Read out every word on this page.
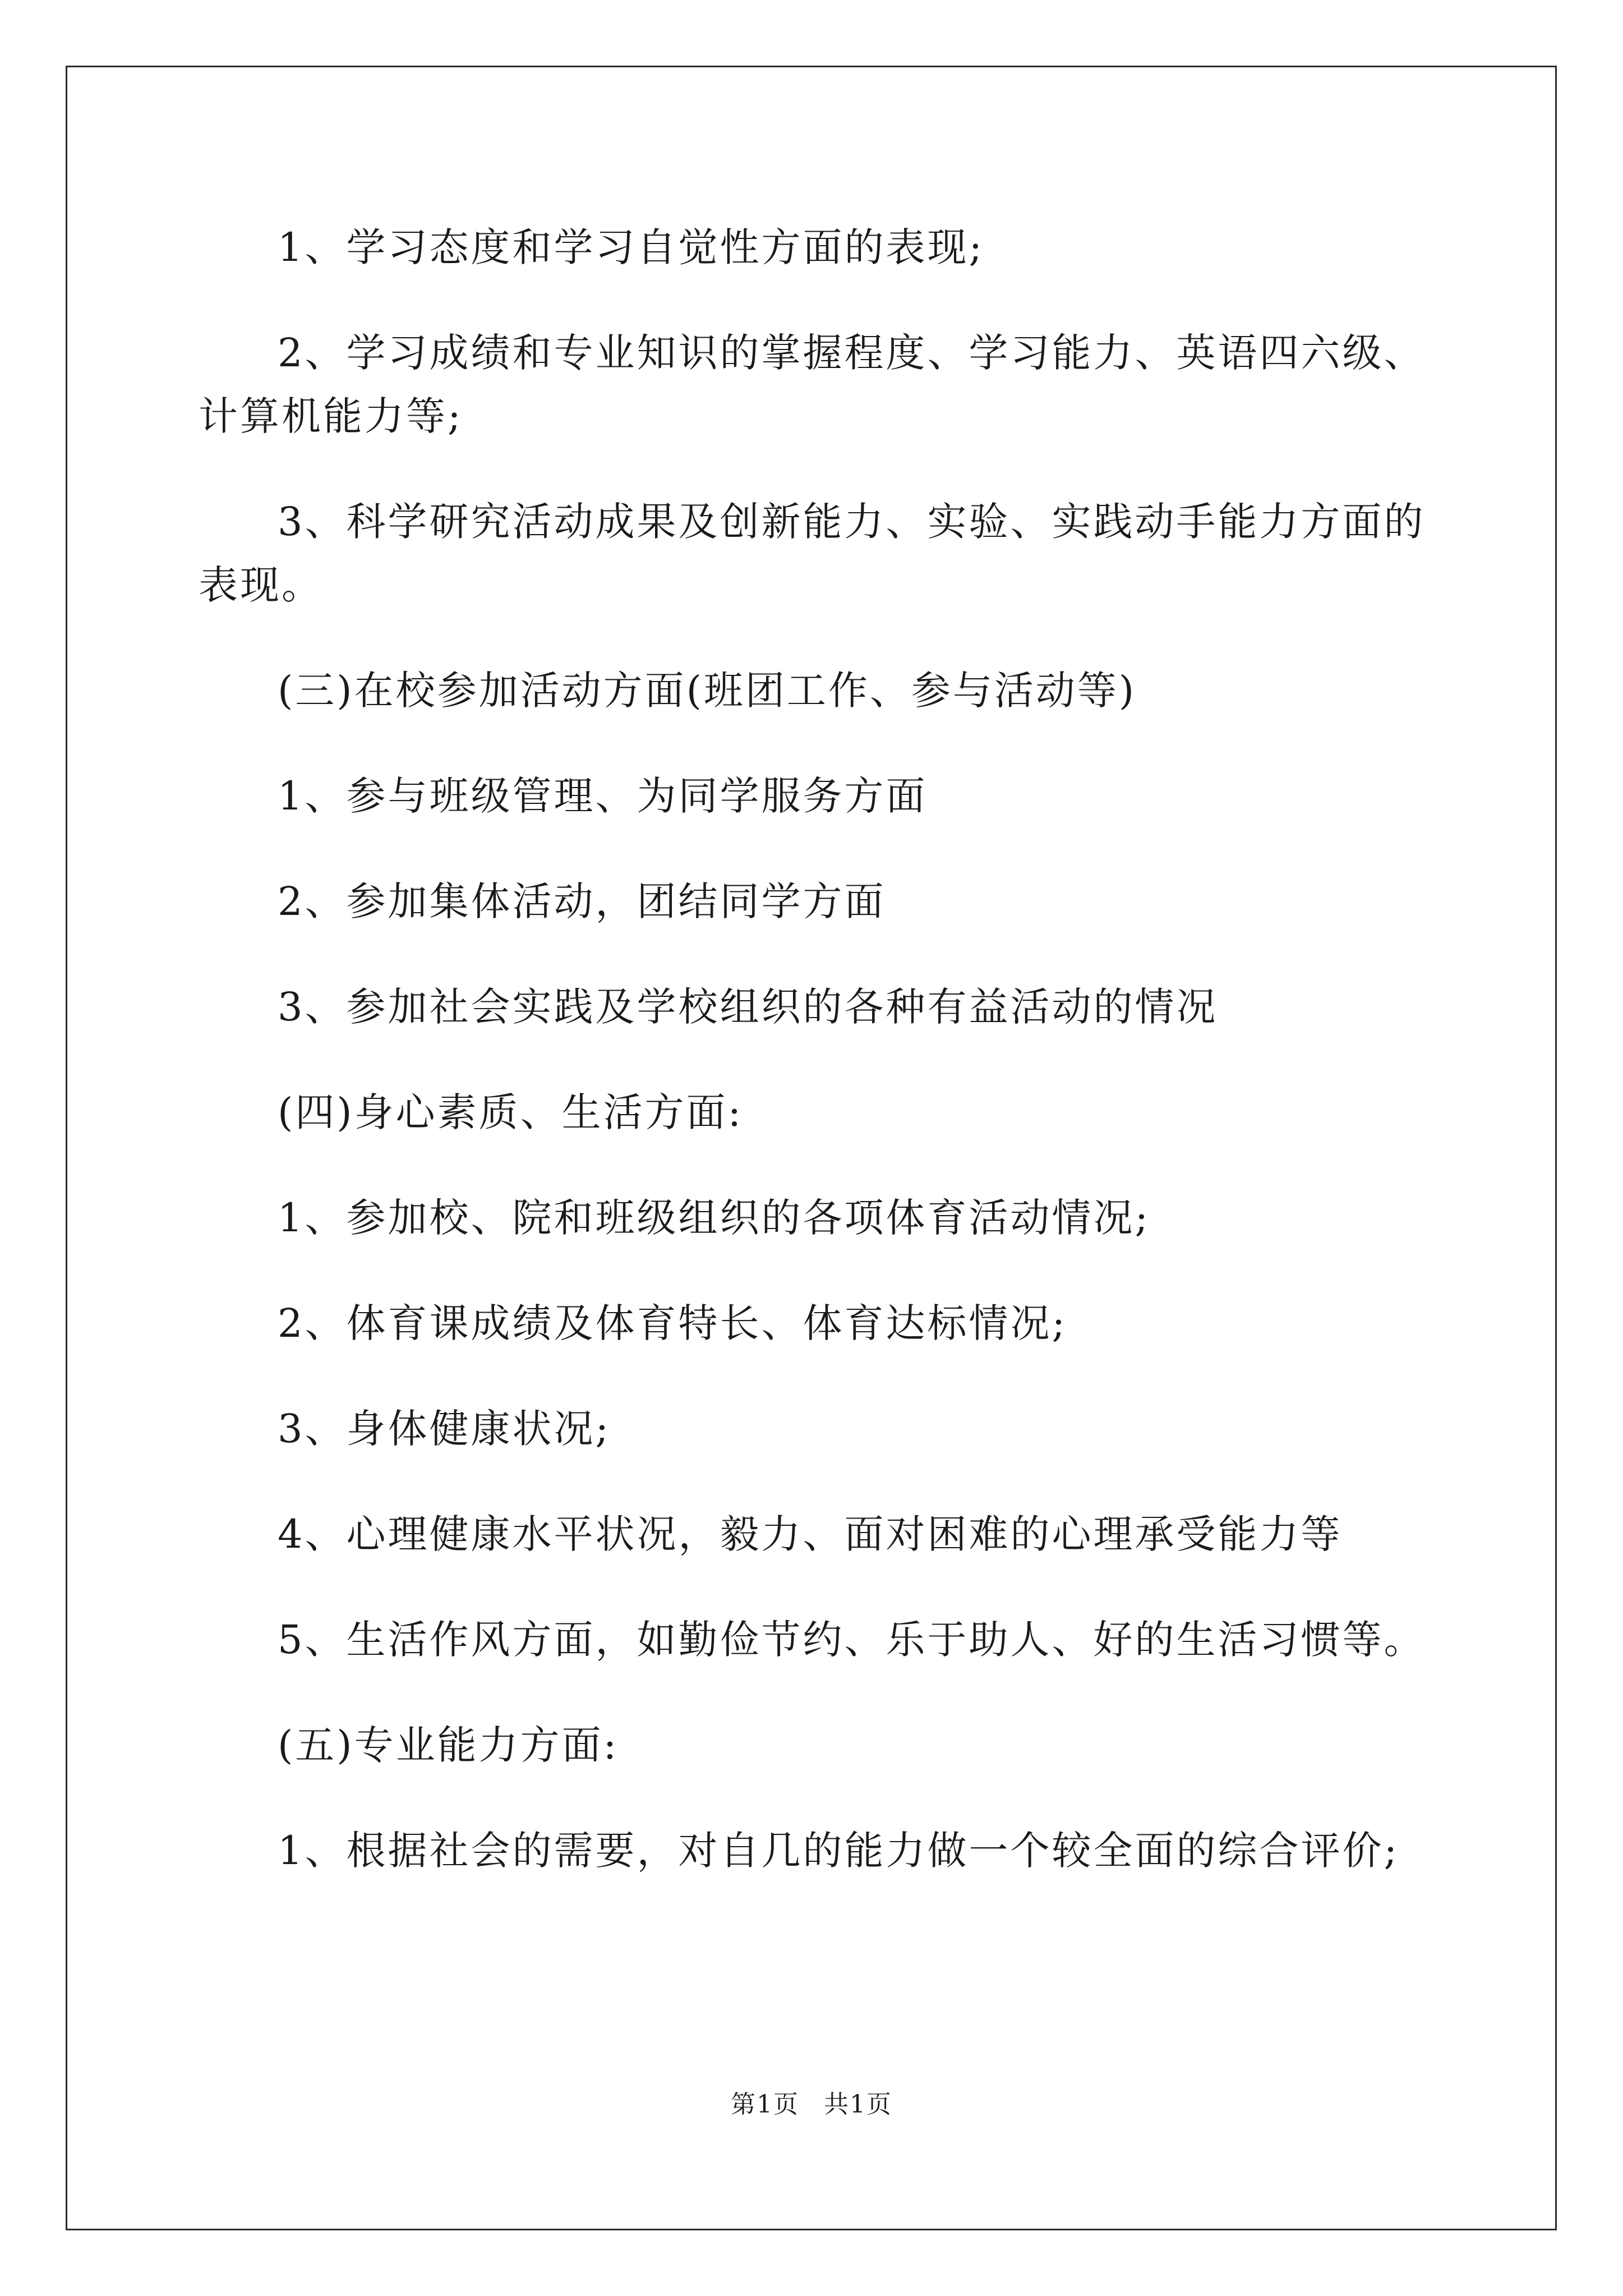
1、学习态度和学习自觉性方面的表现;

2、学习成绩和专业知识的掌握程度、学习能力、英语四六级、计算机能力等;

3、科学研究活动成果及创新能力、实验、实践动手能力方面的表现。

(三)在校参加活动方面(班团工作、参与活动等)

1、参与班级管理、为同学服务方面

2、参加集体活动，团结同学方面

3、参加社会实践及学校组织的各种有益活动的情况

(四)身心素质、生活方面:

1、参加校、院和班级组织的各项体育活动情况;

2、体育课成绩及体育特长、体育达标情况;

3、身体健康状况;

4、心理健康水平状况，毅力、面对困难的心理承受能力等

5、生活作风方面，如勤俭节约、乐于助人、好的生活习惯等。

(五)专业能力方面:

1、根据社会的需要，对自几的能力做一个较全面的综合评价;

第1页 共1页
